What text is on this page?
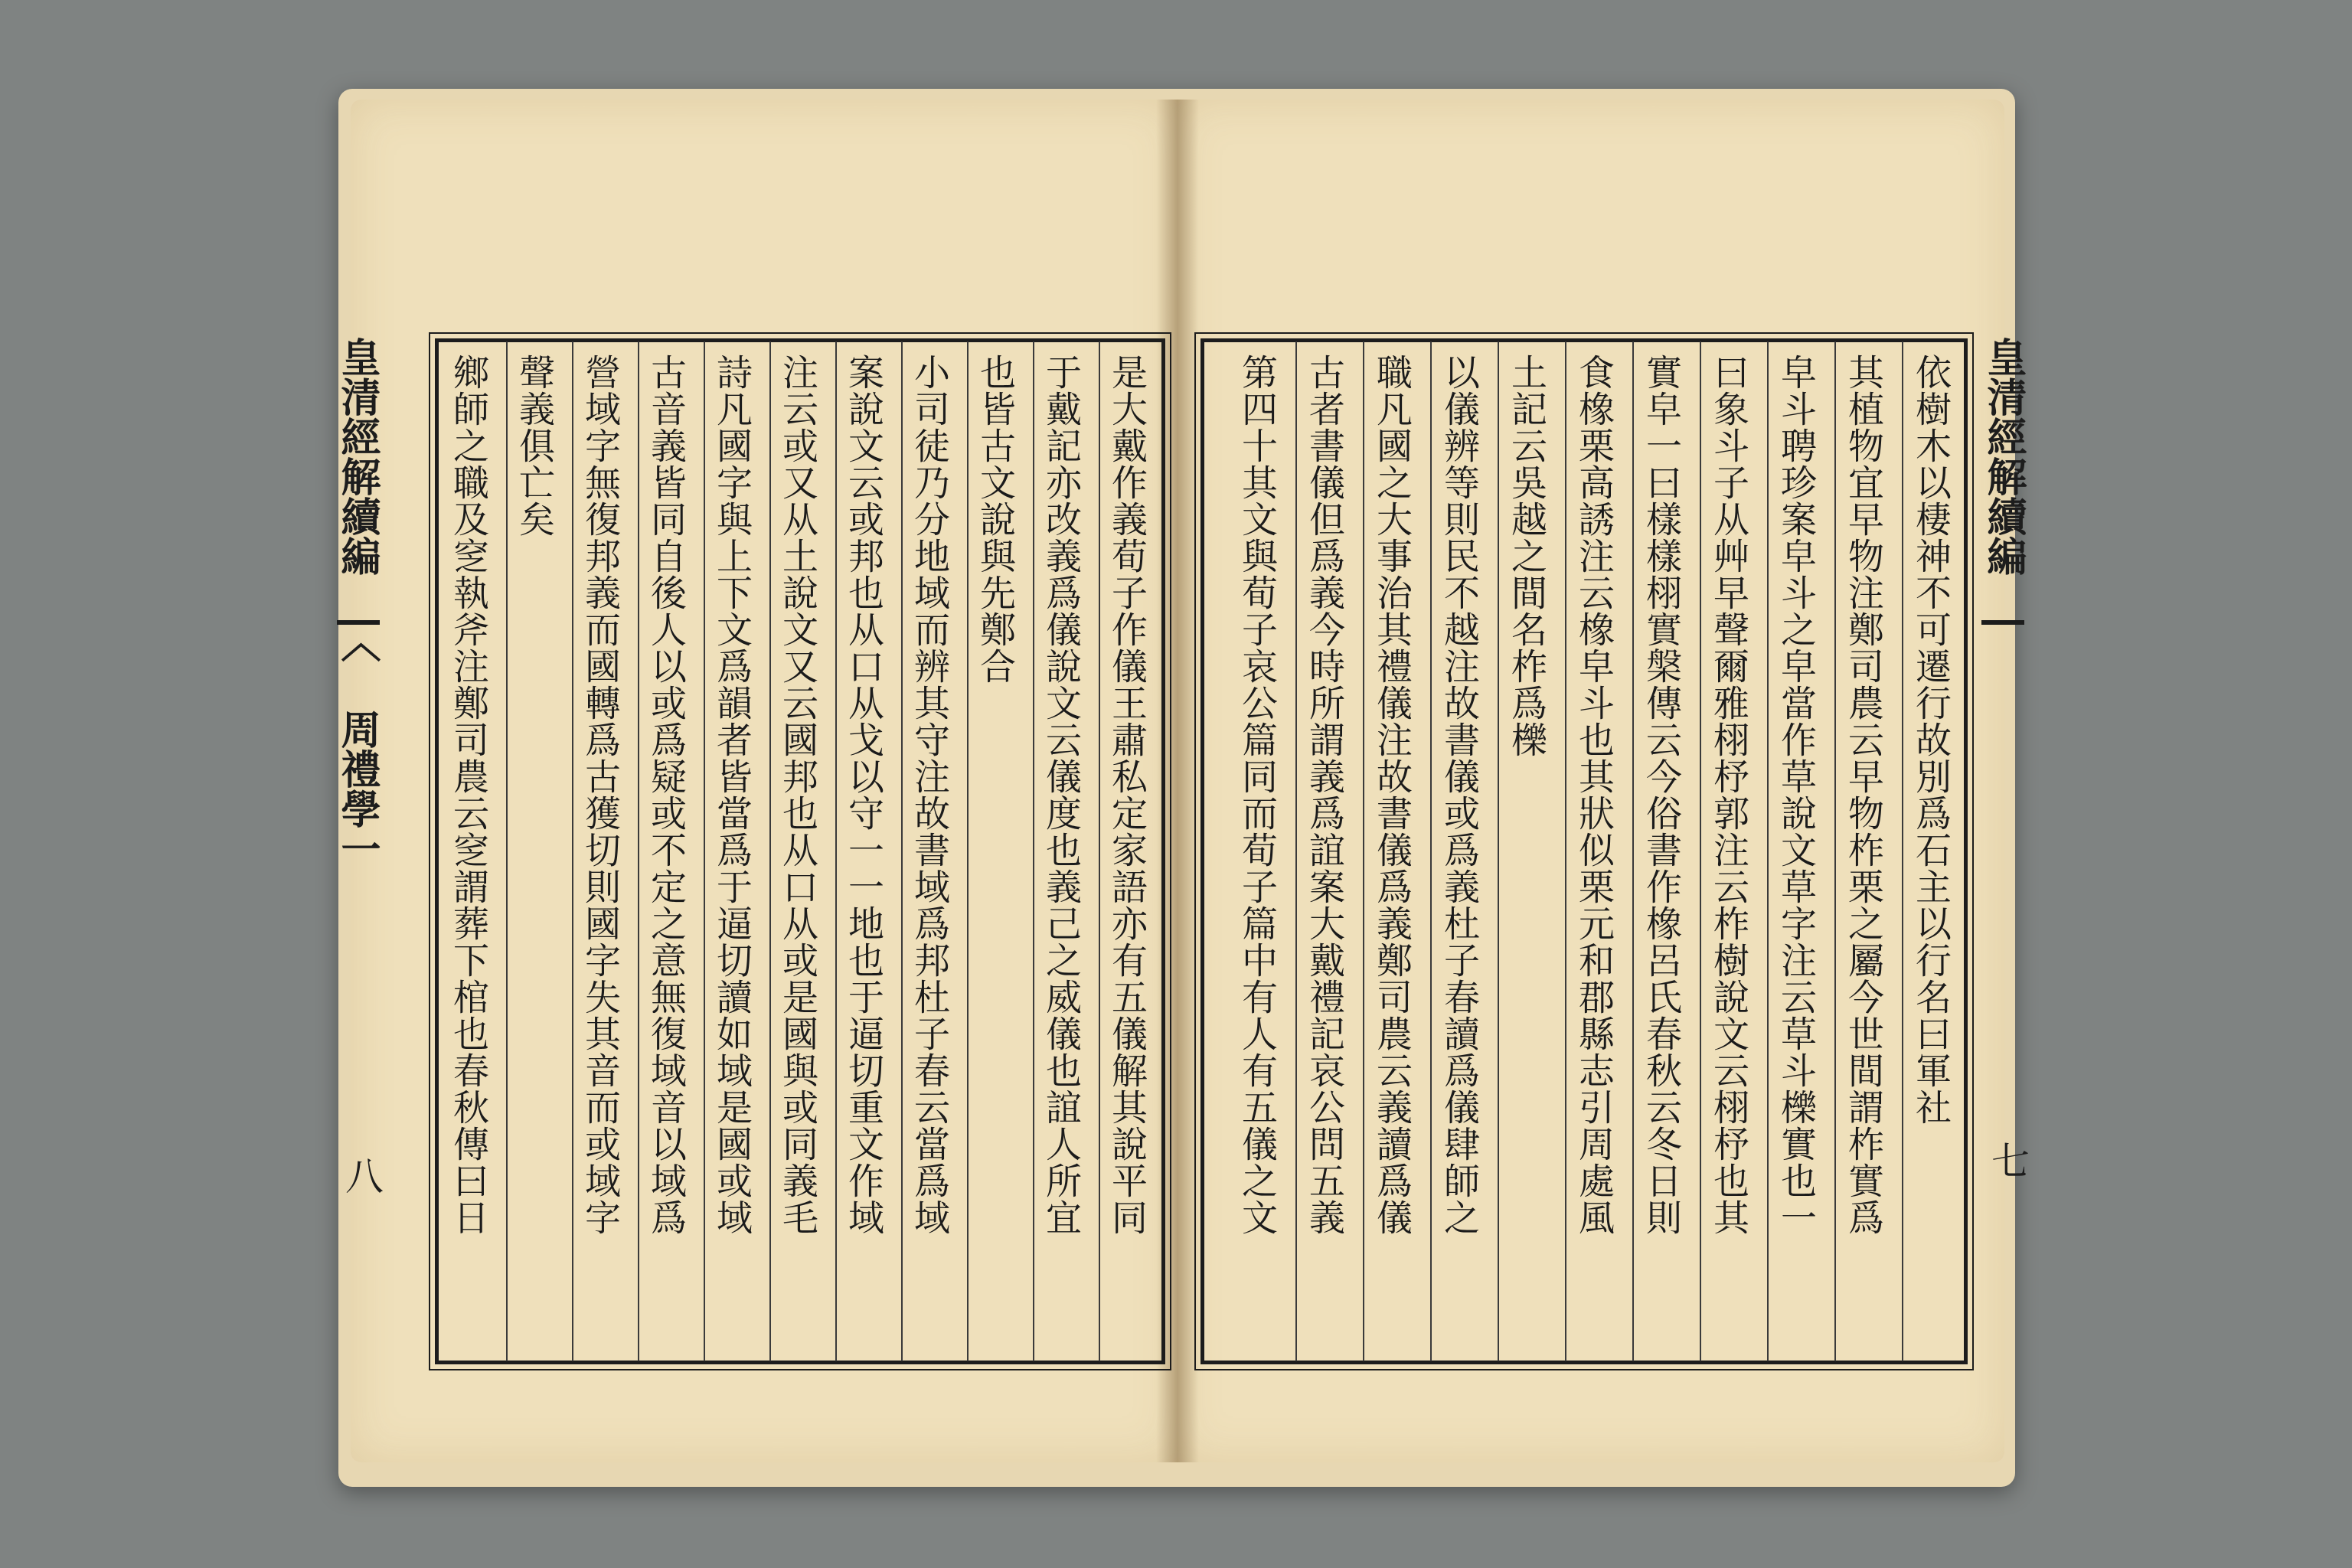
皇清經解續編 〈 周禮學一
八	是大戴作義荀子作儀王肅私定家語亦有五儀解其說平同
于戴記亦改義爲儀說文云儀度也義己之威儀也誼人所宜
也皆古文說與先鄭合
小司徒乃分地域而辨其守注故書域爲邦杜子春云當爲域
案說文云或邦也从口从戈以守一一地也于逼切重文作域
注云或又从土說文又云國邦也从口从或是國與或同義毛
詩凡國字與上下文爲韻者皆當爲于逼切讀如域是國或域
古音義皆同自後人以或爲疑或不定之意無復域音以域爲
營域字無復邦義而國轉爲古獲切則國字失其音而或域字
聲義俱亡矣
鄉師之職及窆執斧注鄭司農云窆謂葬下棺也春秋傳曰日	皇清經解續編
七
依樹木以棲神不可遷行故別爲石主以行名曰軍社
其植物宜早物注鄭司農云早物柞栗之屬今世間謂柞實爲
皁斗聘珍案皁斗之皁當作草說文草字注云草斗櫟實也一
曰象斗子从艸早聲爾雅栩杼郭注云柞樹說文云栩杼也其
實皁一曰樣樣栩實槃傳云今俗書作橡呂氏春秋云冬日則
食橡栗高誘注云橡皁斗也其狀似栗元和郡縣志引周處風
土記云吳越之間名柞爲櫟
以儀辨等則民不越注故書儀或爲義杜子春讀爲儀肆師之
職凡國之大事治其禮儀注故書儀爲義鄭司農云義讀爲儀
古者書儀但爲義今時所謂義爲誼案大戴禮記哀公問五義
第四十其文與荀子哀公篇同而荀子篇中有人有五儀之文
